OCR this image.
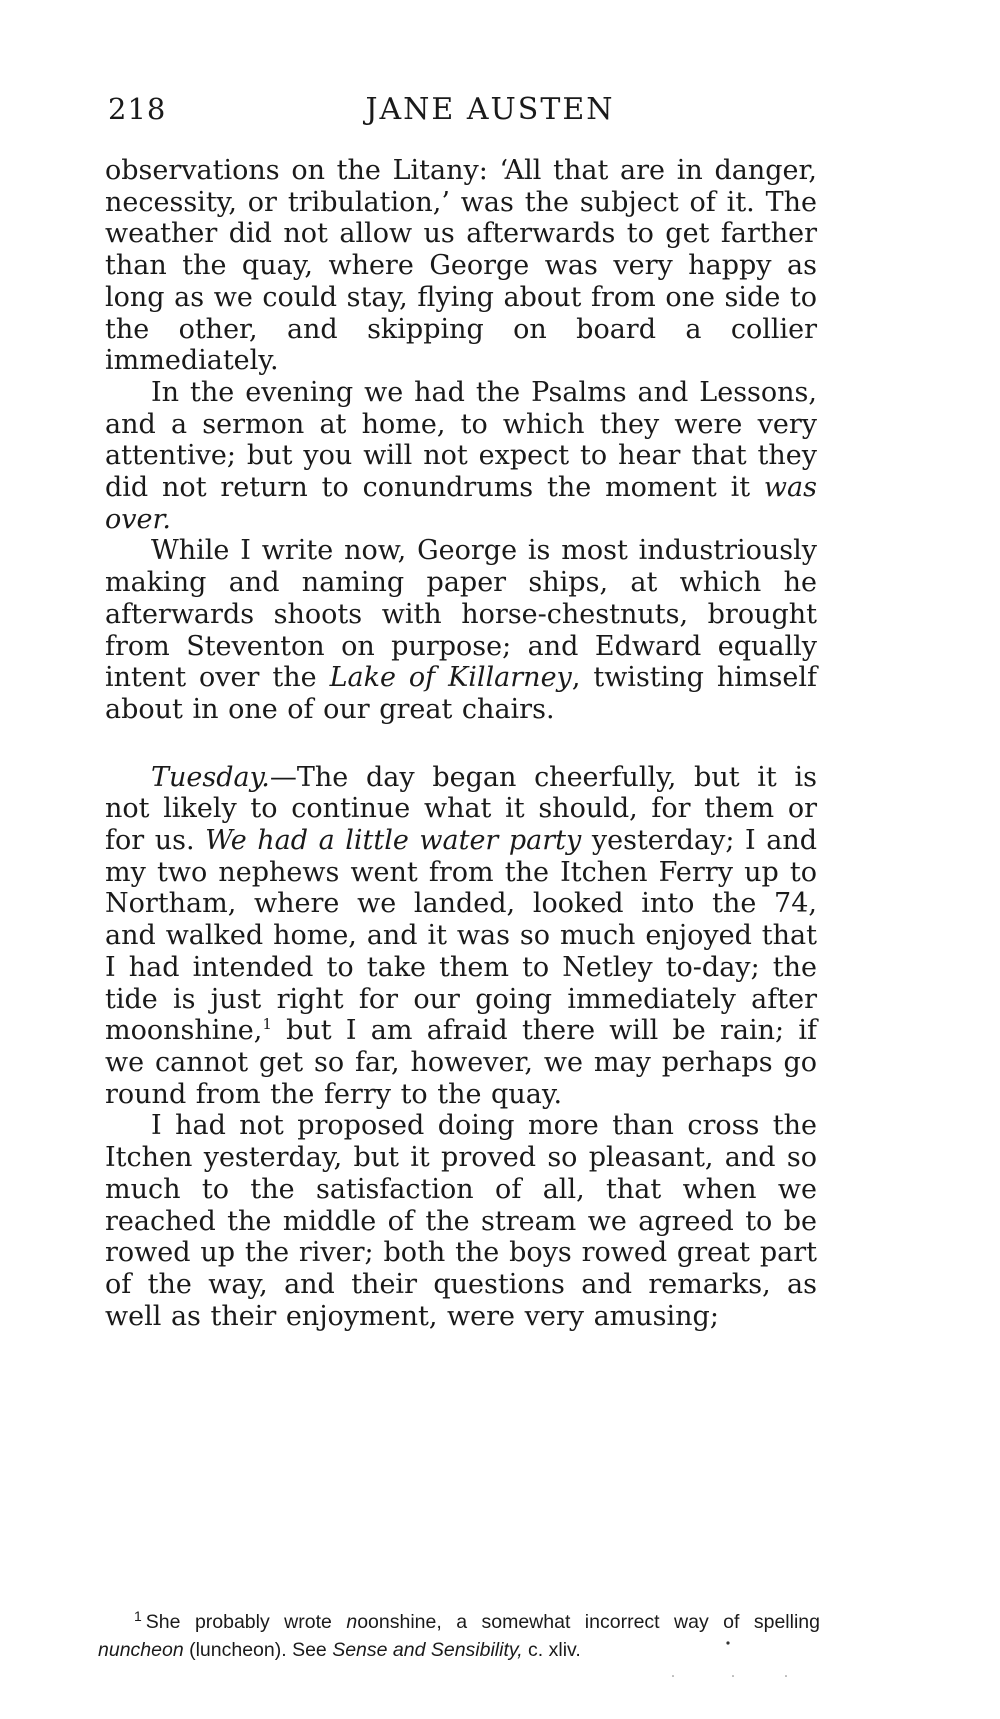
218	JANE AUSTEN

observations on the Litany: ‘All that are in danger, necessity, or tribulation,’ was the subject of it. The weather did not allow us afterwards to get farther than the quay, where George was very happy as long as we could stay, flying about from one side to the other, and skipping on board a collier immediately.

In the evening we had the Psalms and Lessons, and a sermon at home, to which they were very attentive; but you will not expect to hear that they did not return to conundrums the moment it was over.

While I write now, George is most industriously making and naming paper ships, at which he afterwards shoots with horse-chestnuts, brought from Steventon on purpose; and Edward equally intent over the Lake of Killarney, twisting himself about in one of our great chairs.

Tuesday.—The day began cheerfully, but it is not likely to continue what it should, for them or for us. We had a little water party yesterday; I and my two nephews went from the Itchen Ferry up to Northam, where we landed, looked into the 74, and walked home, and it was so much enjoyed that I had intended to take them to Netley to-day; the tide is just right for our going immediately after moonshine,$^1$ but I am afraid there will be rain; if we cannot get so far, however, we may perhaps go round from the ferry to the quay.

I had not proposed doing more than cross the Itchen yesterday, but it proved so pleasant, and so much to the satisfaction of all, that when we reached the middle of the stream we agreed to be rowed up the river; both the boys rowed great part of the way, and their questions and remarks, as well as their enjoyment, were very amusing;

$^1$ She probably wrote noonshine, a somewhat incorrect way of spelling nuncheon (luncheon). See Sense and Sensibility, c. xliv.
